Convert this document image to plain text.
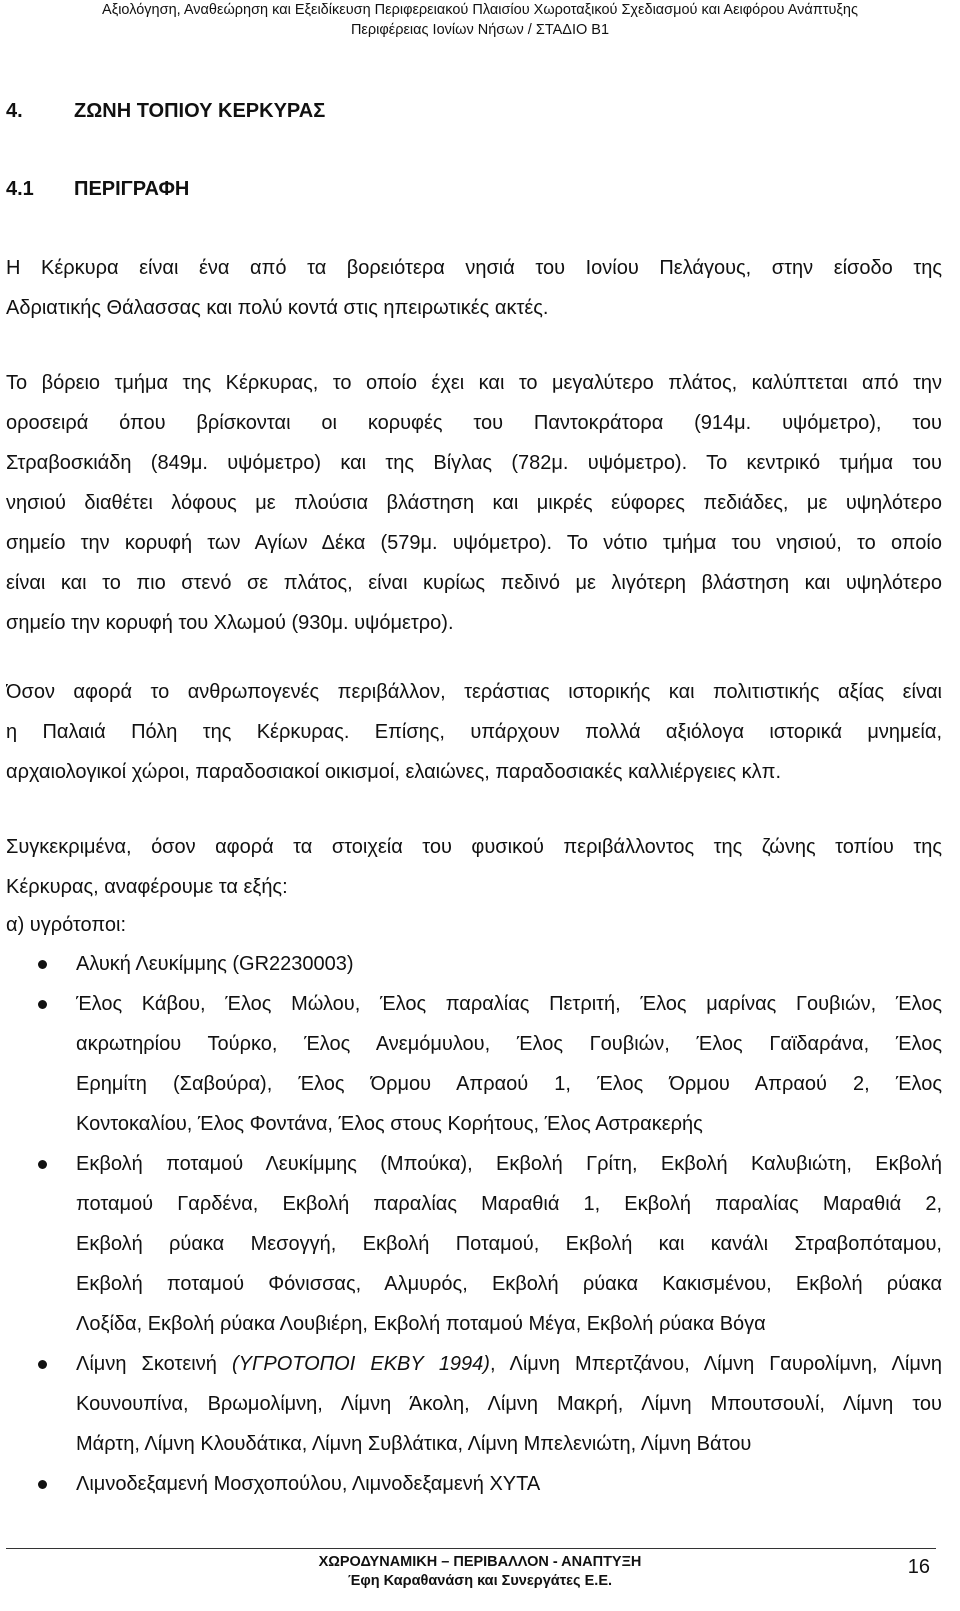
Αξιολόγηση, Αναθεώρηση και Εξειδίκευση Περιφερειακού Πλαισίου Χωροταξικού Σχεδιασμού και Αειφόρου Ανάπτυξης
Περιφέρειας Ιονίων Νήσων / ΣΤΑΔΙΟ Β1
4.	ΖΩΝΗ ΤΟΠΙΟΥ ΚΕΡΚΥΡΑΣ
4.1 ΠΕΡΙΓΡΑΦΗ
Η Κέρκυρα είναι ένα από τα βορειότερα νησιά του Ιονίου Πελάγους, στην είσοδο της
Αδριατικής Θάλασσας και πολύ κοντά στις ηπειρωτικές ακτές.
Το βόρειο τμήμα της Κέρκυρας, το οποίο έχει και το μεγαλύτερο πλάτος, καλύπτεται από την
οροσειρά όπου βρίσκονται οι κορυφές του Παντοκράτορα (914μ. υψόμετρο), του
Στραβοσκιάδη (849μ. υψόμετρο) και της Βίγλας (782μ. υψόμετρο). Το κεντρικό τμήμα του
νησιού διαθέτει λόφους με πλούσια βλάστηση και μικρές εύφορες πεδιάδες, με υψηλότερο
σημείο την κορυφή των Αγίων Δέκα (579μ. υψόμετρο). Το νότιο τμήμα του νησιού, το οποίο
είναι και το πιο στενό σε πλάτος, είναι κυρίως πεδινό με λιγότερη βλάστηση και υψηλότερο
σημείο την κορυφή του Χλωμού (930μ. υψόμετρο).
Όσον αφορά το ανθρωπογενές περιβάλλον, τεράστιας ιστορικής και πολιτιστικής αξίας είναι
η Παλαιά Πόλη της Κέρκυρας. Επίσης, υπάρχουν πολλά αξιόλογα ιστορικά μνημεία,
αρχαιολογικοί χώροι, παραδοσιακοί οικισμοί, ελαιώνες, παραδοσιακές καλλιέργειες κλπ.
Συγκεκριμένα, όσον αφορά τα στοιχεία του φυσικού περιβάλλοντος της ζώνης τοπίου της
Κέρκυρας, αναφέρουμε τα εξής:
α) υγρότοποι:
Αλυκή Λευκίμμης (GR2230003)
Έλος Κάβου, Έλος Μώλου, Έλος παραλίας Πετριτή, Έλος μαρίνας Γουβιών, Έλος
ακρωτηρίου Τούρκο, Έλος Ανεμόμυλου, Έλος Γουβιών, Έλος Γαϊδαράνα, Έλος
Ερημίτη (Σαβούρα), Έλος Όρμου Απραού 1, Έλος Όρμου Απραού 2, Έλος
Κοντοκαλίου, Έλος Φοντάνα, Έλος στους Κορήτους, Έλος Αστρακερής
Εκβολή ποταμού Λευκίμμης (Μπούκα), Εκβολή Γρίτη, Εκβολή Καλυβιώτη, Εκβολή
ποταμού Γαρδένα, Εκβολή παραλίας Μαραθιά 1, Εκβολή παραλίας Μαραθιά 2,
Εκβολή ρύακα Μεσογγή, Εκβολή Ποταμού, Εκβολή και κανάλι Στραβοπόταμου,
Εκβολή ποταμού Φόνισσας, Αλμυρός, Εκβολή ρύακα Κακισμένου, Εκβολή ρύακα
Λοξίδα, Εκβολή ρύακα Λουβιέρη, Εκβολή ποταμού Μέγα, Εκβολή ρύακα Βόγα
Λίμνη Σκοτεινή (ΥΓΡΟΤΟΠΟΙ ΕΚΒΥ 1994), Λίμνη Μπερτζάνου, Λίμνη Γαυρολίμνη, Λίμνη
Κουνουπίνα, Βρωμολίμνη, Λίμνη Άκολη, Λίμνη Μακρή, Λίμνη Μπουτσουλί, Λίμνη του
Μάρτη, Λίμνη Κλουδάτικα, Λίμνη Συβλάτικα, Λίμνη Μπελενιώτη, Λίμνη Βάτου
Λιμνοδεξαμενή Μοσχοπούλου, Λιμνοδεξαμενή ΧΥΤΑ
ΧΩΡΟΔΥΝΑΜΙΚΗ – ΠΕΡΙΒΑΛΛΟΝ - ΑΝΑΠΤΥΞΗ
Έφη Καραθανάση και Συνεργάτες Ε.Ε.
16
